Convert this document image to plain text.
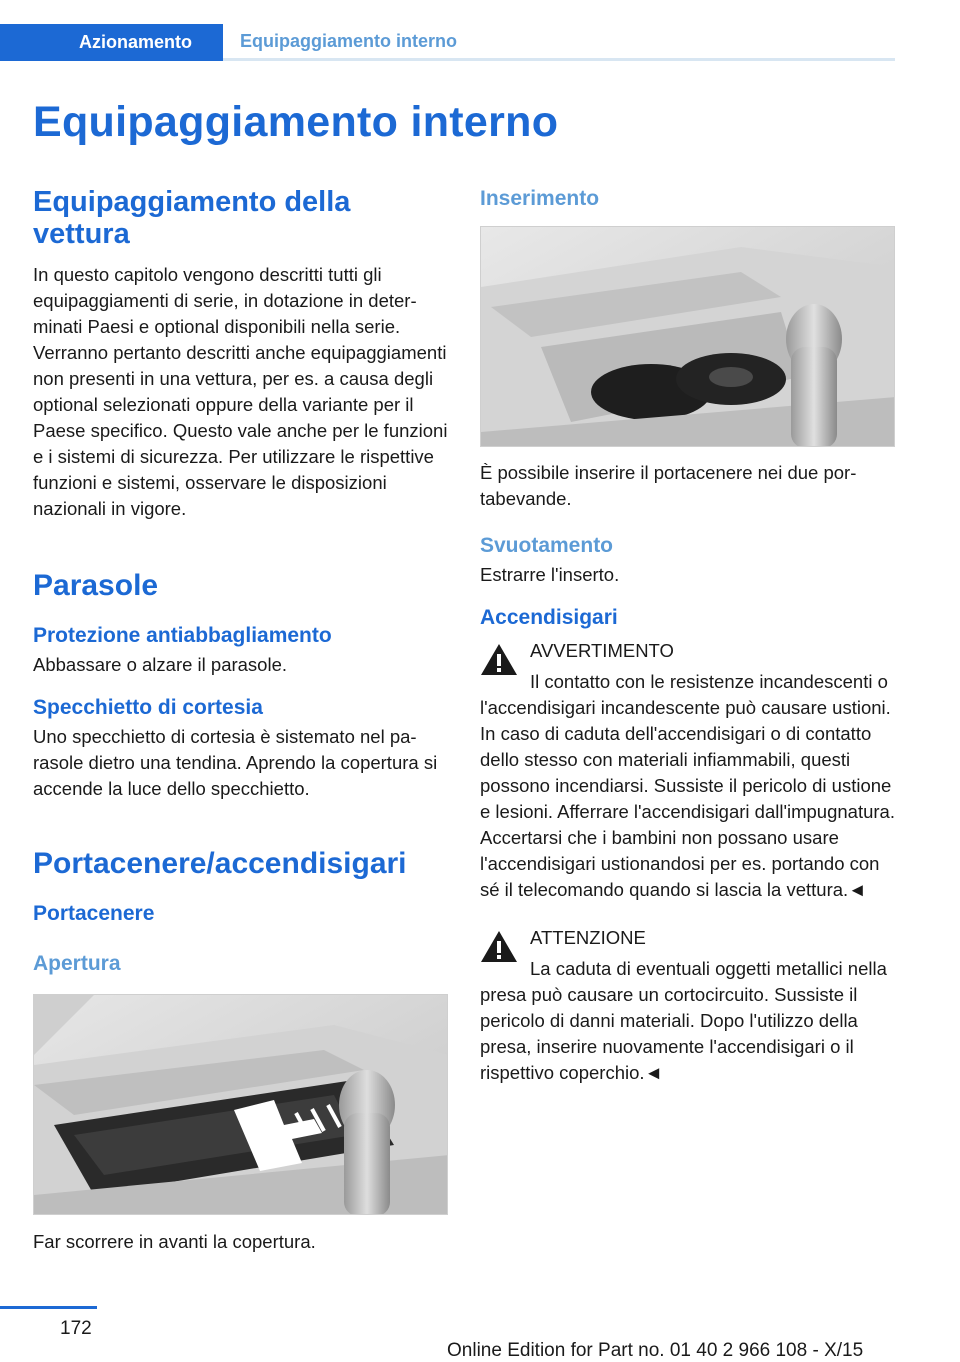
Azionamento	Equipaggiamento interno
Equipaggiamento interno
Equipaggiamento della vettura
In questo capitolo vengono descritti tutti gli equipaggiamenti di serie, in dotazione in determinati Paesi e optional disponibili nella serie. Verranno pertanto descritti anche equipaggiamenti non presenti in una vettura, per es. a causa degli optional selezionati oppure della variante per il Paese specifico. Questo vale anche per le funzioni e i sistemi di sicurezza. Per utilizzare le rispettive funzioni e sistemi, osservare le disposizioni nazionali in vigore.
Parasole
Protezione antiabbagliamento
Abbassare o alzare il parasole.
Specchietto di cortesia
Uno specchietto di cortesia è sistemato nel parasole dietro una tendina. Aprendo la copertura si accende la luce dello specchietto.
Portacenere/accendisigari
Portacenere
Apertura
Far scorrere in avanti la copertura.
Inserimento
È possibile inserire il portacenere nei due portabevande.
Svuotamento
Estrarre l'inserto.
Accendisigari
AVVERTIMENTO
Il contatto con le resistenze incandescenti o l'accendisigari incandescente può causare ustioni. In caso di caduta dell'accendisigari o di contatto dello stesso con materiali infiammabili, questi possono incendiarsi. Sussiste il pericolo di ustione e lesioni. Afferrare l'accendisigari dall'impugnatura. Accertarsi che i bambini non possano usare l'accendisigari ustionandosi per es. portando con sé il telecomando quando si lascia la vettura.◄
ATTENZIONE
La caduta di eventuali oggetti metallici nella presa può causare un cortocircuito. Sussiste il pericolo di danni materiali. Dopo l'utilizzo della presa, inserire nuovamente l'accendisigari o il rispettivo coperchio.◄
172
Online Edition for Part no. 01 40 2 966 108 - X/15
